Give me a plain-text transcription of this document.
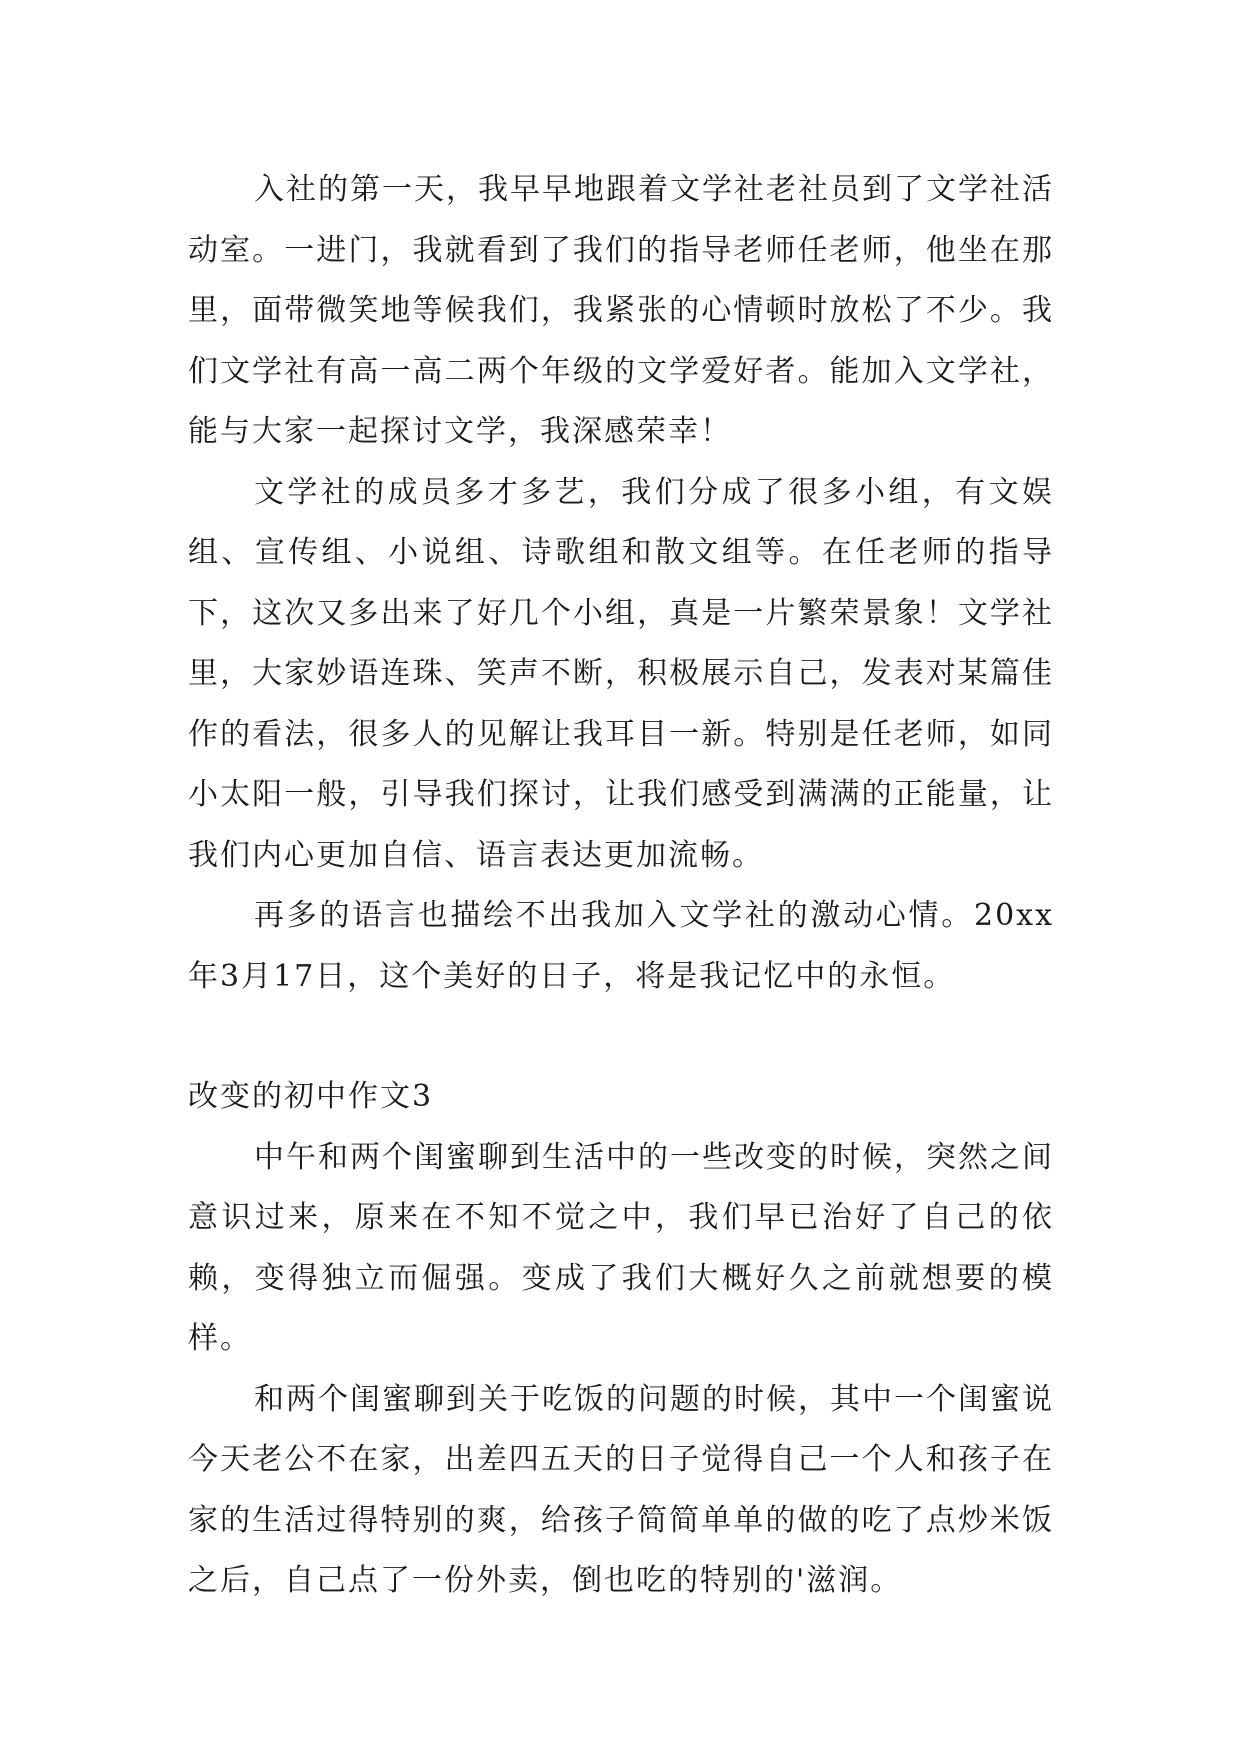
入社的第一天，我早早地跟着文学社老社员到了文学社活动室。一进门，我就看到了我们的指导老师任老师，他坐在那里，面带微笑地等候我们，我紧张的心情顿时放松了不少。我们文学社有高一高二两个年级的文学爱好者。能加入文学社，能与大家一起探讨文学，我深感荣幸！

文学社的成员多才多艺，我们分成了很多小组，有文娱组、宣传组、小说组、诗歌组和散文组等。在任老师的指导下，这次又多出来了好几个小组，真是一片繁荣景象！文学社里，大家妙语连珠、笑声不断，积极展示自己，发表对某篇佳作的看法，很多人的见解让我耳目一新。特别是任老师，如同小太阳一般，引导我们探讨，让我们感受到满满的正能量，让我们内心更加自信、语言表达更加流畅。

再多的语言也描绘不出我加入文学社的激动心情。20xx年3月17日，这个美好的日子，将是我记忆中的永恒。

改变的初中作文3

中午和两个闺蜜聊到生活中的一些改变的时候，突然之间意识过来，原来在不知不觉之中，我们早已治好了自己的依赖，变得独立而倔强。变成了我们大概好久之前就想要的模样。

和两个闺蜜聊到关于吃饭的问题的时候，其中一个闺蜜说今天老公不在家，出差四五天的日子觉得自己一个人和孩子在家的生活过得特别的爽，给孩子简简单单的做的吃了点炒米饭之后，自己点了一份外卖，倒也吃的特别的'滋润。
